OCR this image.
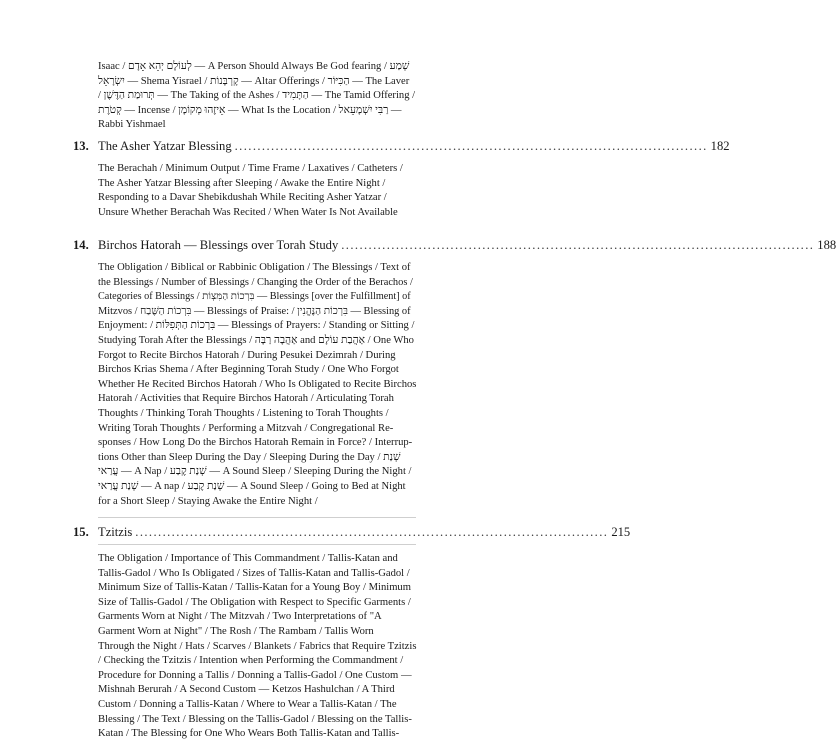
Isaac / לְעוֹלָם יְהֵא אָדָם — A Person Should Always Be God fearing / שְׁמַע
יִשְׂרָאֵל — Shema Yisrael / קָרְבָּנוֹת — Altar Offerings / הַכִּיּוֹר — The Laver
/ תְּרוּמַת הַדֶּשֶׁן — The Taking of the Ashes / הַתָּמִיד — The Tamid Offering /
קְטֹרֶת — Incense / אֵיזֶהוּ מְקוֹמָן — What Is the Location / רַבִּי יִשְׁמָעֵאל —
Rabbi Yishmael
13. The Asher Yatzar Blessing ........................................................................................................ 182
The Berachah / Minimum Output / Time Frame / Laxatives / Catheters /
The Asher Yatzar Blessing after Sleeping / Awake the Entire Night /
Responding to a Davar Shebikdushah While Reciting Asher Yatzar /
Unsure Whether Berachah Was Recited / When Water Is Not Available
14. Birchos Hatorah — Blessings over Torah Study ........................................................................................................ 188
The Obligation / Biblical or Rabbinic Obligation / The Blessings / Text of
the Blessings / Number of Blessings / Changing the Order of the Berachos /
Categories of Blessings / בִּרְכוֹת הַמִּצְוֹת — Blessings [over the Fulfillment] of
Mitzvos / בִּרְכוֹת הַשֶּׁבַח — Blessings of Praise: / בִּרְכוֹת הַנֶּהֱנִין — Blessing of
Enjoyment: / בִּרְכוֹת הַתְּפִלּוֹת — Blessings of Prayers: / Standing or Sitting /
Studying Torah After the Blessings / אַהֲבָה רַבָּה and אַהֲבַת עוֹלָם / One Who
Forgot to Recite Birchos Hatorah / During Pesukei Dezimrah / During
Birchos Krias Shema / After Beginning Torah Study / One Who Forgot
Whether He Recited Birchos Hatorah / Who Is Obligated to Recite Birchos
Hatorah / Activities that Require Birchos Hatorah / Articulating Torah
Thoughts / Thinking Torah Thoughts / Listening to Torah Thoughts /
Writing Torah Thoughts / Performing a Mitzvah / Congregational Re-
sponses / How Long Do the Birchos Hatorah Remain in Force? / Interrup-
tions Other than Sleep During the Day / Sleeping During the Day / שְׁנַת
עֲרַאי — A Nap / שְׁנַת קֶבַע — A Sound Sleep / Sleeping During the Night /
שְׁנַת עֲרַאי — A nap / שְׁנַת קֶבַע — A Sound Sleep / Going to Bed at Night
for a Short Sleep / Staying Awake the Entire Night /
15. Tzitzis ........................................................................................................ 215
The Obligation / Importance of This Commandment / Tallis-Katan and
Tallis-Gadol / Who Is Obligated / Sizes of Tallis-Katan and Tallis-Gadol /
Minimum Size of Tallis-Katan / Tallis-Katan for a Young Boy / Minimum
Size of Tallis-Gadol / The Obligation with Respect to Specific Garments /
Garments Worn at Night / The Mitzvah / Two Interpretations of "A
Garment Worn at Night" / The Rosh / The Rambam / Tallis Worn
Through the Night / Hats / Scarves / Blankets / Fabrics that Require Tzitzis
/ Checking the Tzitzis / Intention when Performing the Commandment /
Procedure for Donning a Tallis / Donning a Tallis-Gadol / One Custom —
Mishnah Berurah / A Second Custom — Ketzos Hashulchan / A Third
Custom / Donning a Tallis-Katan / Where to Wear a Tallis-Katan / The
Blessing / The Text / Blessing on the Tallis-Gadol / Blessing on the Tallis-
Katan / The Blessing for One Who Wears Both Tallis-Katan and Tallis-
